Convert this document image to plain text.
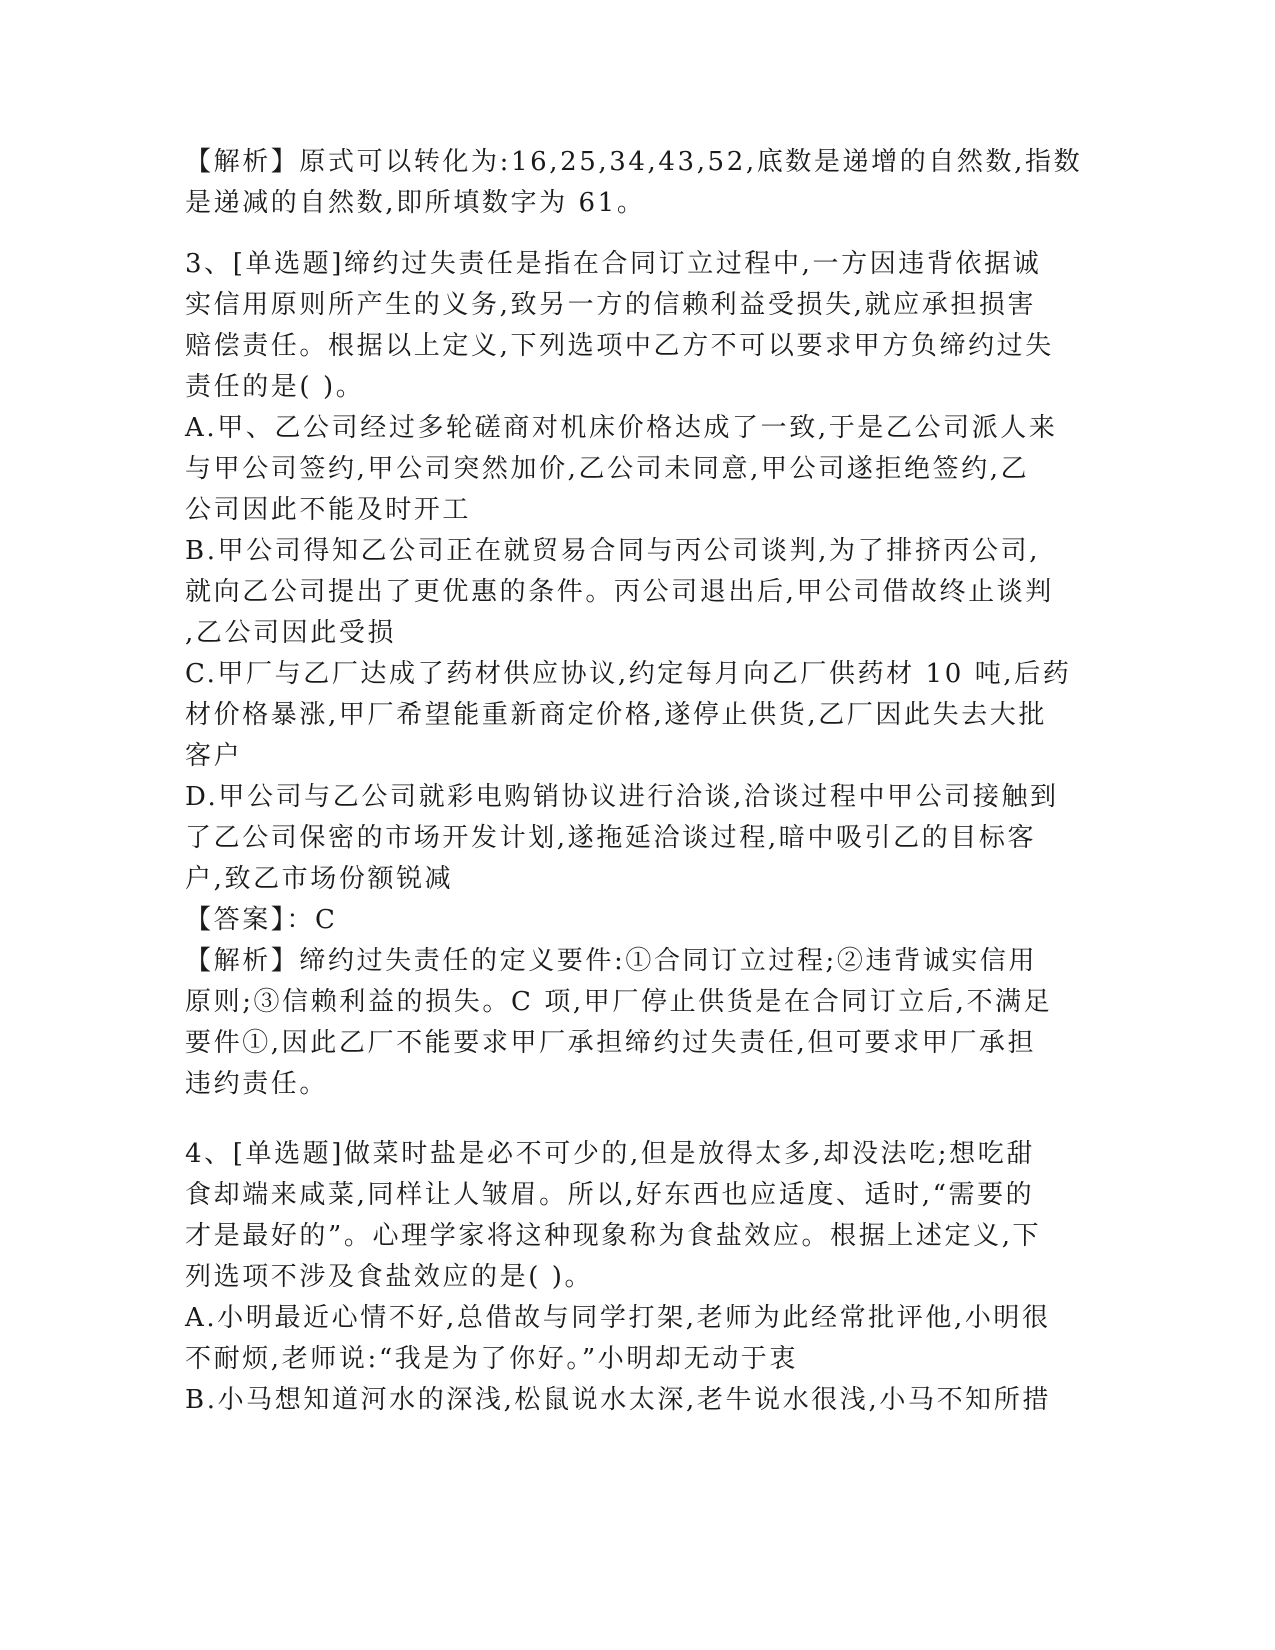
【解析】原式可以转化为:16,25,34,43,52,底数是递增的自然数,指数
是递减的自然数,即所填数字为 61。
3、[单选题]缔约过失责任是指在合同订立过程中,一方因违背依据诚
实信用原则所产生的义务,致另一方的信赖利益受损失,就应承担损害
赔偿责任。根据以上定义,下列选项中乙方不可以要求甲方负缔约过失
责任的是( )。
A.甲、乙公司经过多轮磋商对机床价格达成了一致,于是乙公司派人来
与甲公司签约,甲公司突然加价,乙公司未同意,甲公司遂拒绝签约,乙
公司因此不能及时开工
B.甲公司得知乙公司正在就贸易合同与丙公司谈判,为了排挤丙公司,
就向乙公司提出了更优惠的条件。丙公司退出后,甲公司借故终止谈判
,乙公司因此受损
C.甲厂与乙厂达成了药材供应协议,约定每月向乙厂供药材 10 吨,后药
材价格暴涨,甲厂希望能重新商定价格,遂停止供货,乙厂因此失去大批
客户
D.甲公司与乙公司就彩电购销协议进行洽谈,洽谈过程中甲公司接触到
了乙公司保密的市场开发计划,遂拖延洽谈过程,暗中吸引乙的目标客
户,致乙市场份额锐减
【答案】：C
【解析】缔约过失责任的定义要件:①合同订立过程;②违背诚实信用
原则;③信赖利益的损失。C 项,甲厂停止供货是在合同订立后,不满足
要件①,因此乙厂不能要求甲厂承担缔约过失责任,但可要求甲厂承担
违约责任。
4、[单选题]做菜时盐是必不可少的,但是放得太多,却没法吃;想吃甜
食却端来咸菜,同样让人皱眉。所以,好东西也应适度、适时,“需要的
才是最好的”。心理学家将这种现象称为食盐效应。根据上述定义,下
列选项不涉及食盐效应的是( )。
A.小明最近心情不好,总借故与同学打架,老师为此经常批评他,小明很
不耐烦,老师说:“我是为了你好。”小明却无动于衷
B.小马想知道河水的深浅,松鼠说水太深,老牛说水很浅,小马不知所措
